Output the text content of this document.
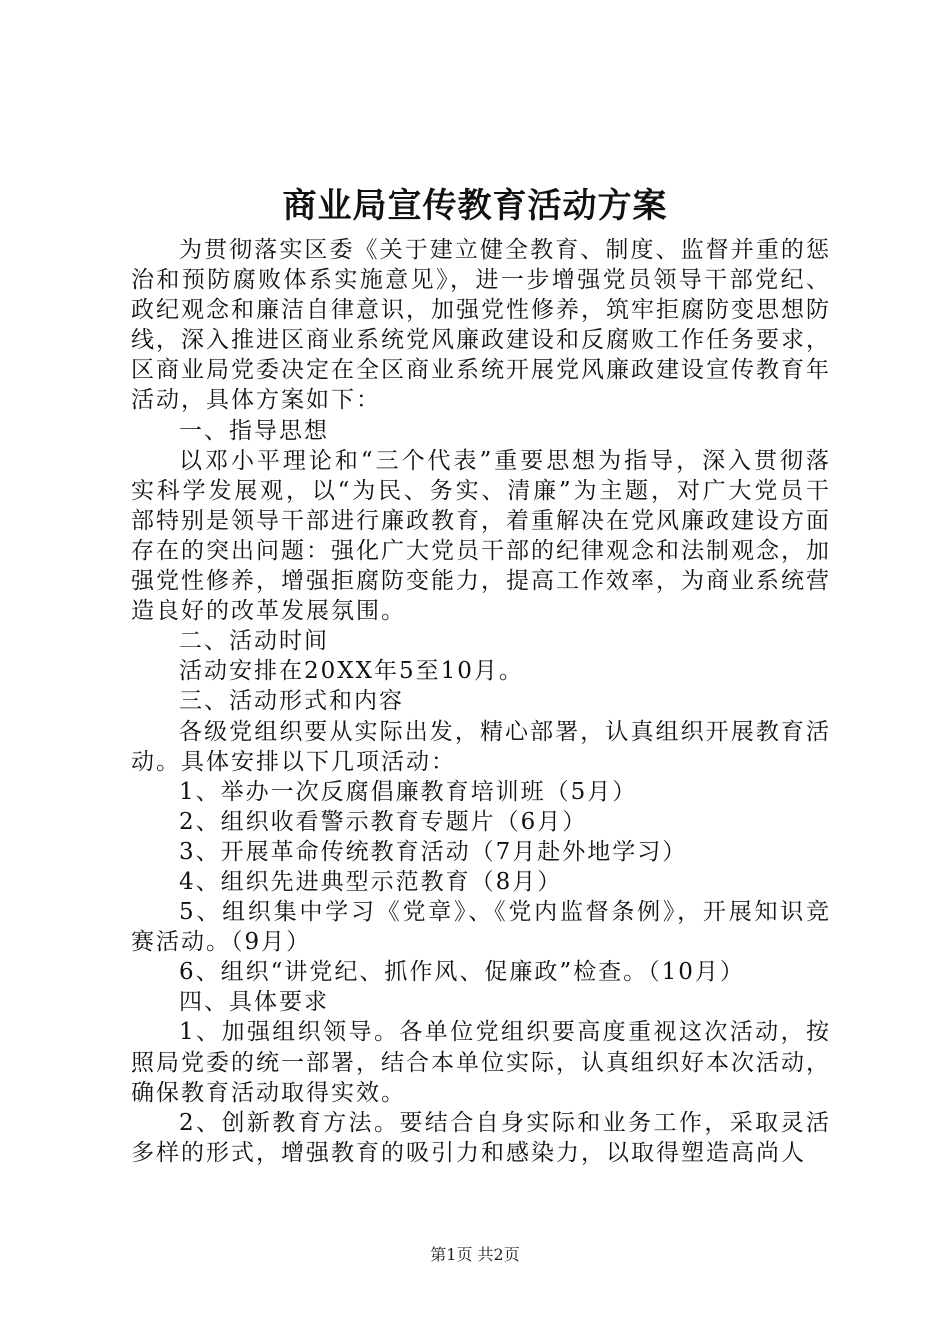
商业局宣传教育活动方案

为贯彻落实区委《关于建立健全教育、制度、监督并重的惩治和预防腐败体系实施意见》，进一步增强党员领导干部党纪、政纪观念和廉洁自律意识，加强党性修养，筑牢拒腐防变思想防线，深入推进区商业系统党风廉政建设和反腐败工作任务要求，区商业局党委决定在全区商业系统开展党风廉政建设宣传教育年活动，具体方案如下：

一、指导思想

以邓小平理论和“三个代表”重要思想为指导，深入贯彻落实科学发展观，以“为民、务实、清廉”为主题，对广大党员干部特别是领导干部进行廉政教育，着重解决在党风廉政建设方面存在的突出问题：强化广大党员干部的纪律观念和法制观念，加强党性修养，增强拒腐防变能力，提高工作效率，为商业系统营造良好的改革发展氛围。

二、活动时间

活动安排在20XX年5至10月。

三、活动形式和内容

各级党组织要从实际出发，精心部署，认真组织开展教育活动。具体安排以下几项活动：

1、举办一次反腐倡廉教育培训班（5月）

2、组织收看警示教育专题片（6月）

3、开展革命传统教育活动（7月赴外地学习）

4、组织先进典型示范教育（8月）

5、组织集中学习《党章》、《党内监督条例》，开展知识竞赛活动。（9月）

6、组织“讲党纪、抓作风、促廉政”检查。（10月）

四、具体要求

1、加强组织领导。各单位党组织要高度重视这次活动，按照局党委的统一部署，结合本单位实际，认真组织好本次活动，确保教育活动取得实效。

2、创新教育方法。要结合自身实际和业务工作，采取灵活多样的形式，增强教育的吸引力和感染力，以取得塑造高尚人

第1页 共2页
